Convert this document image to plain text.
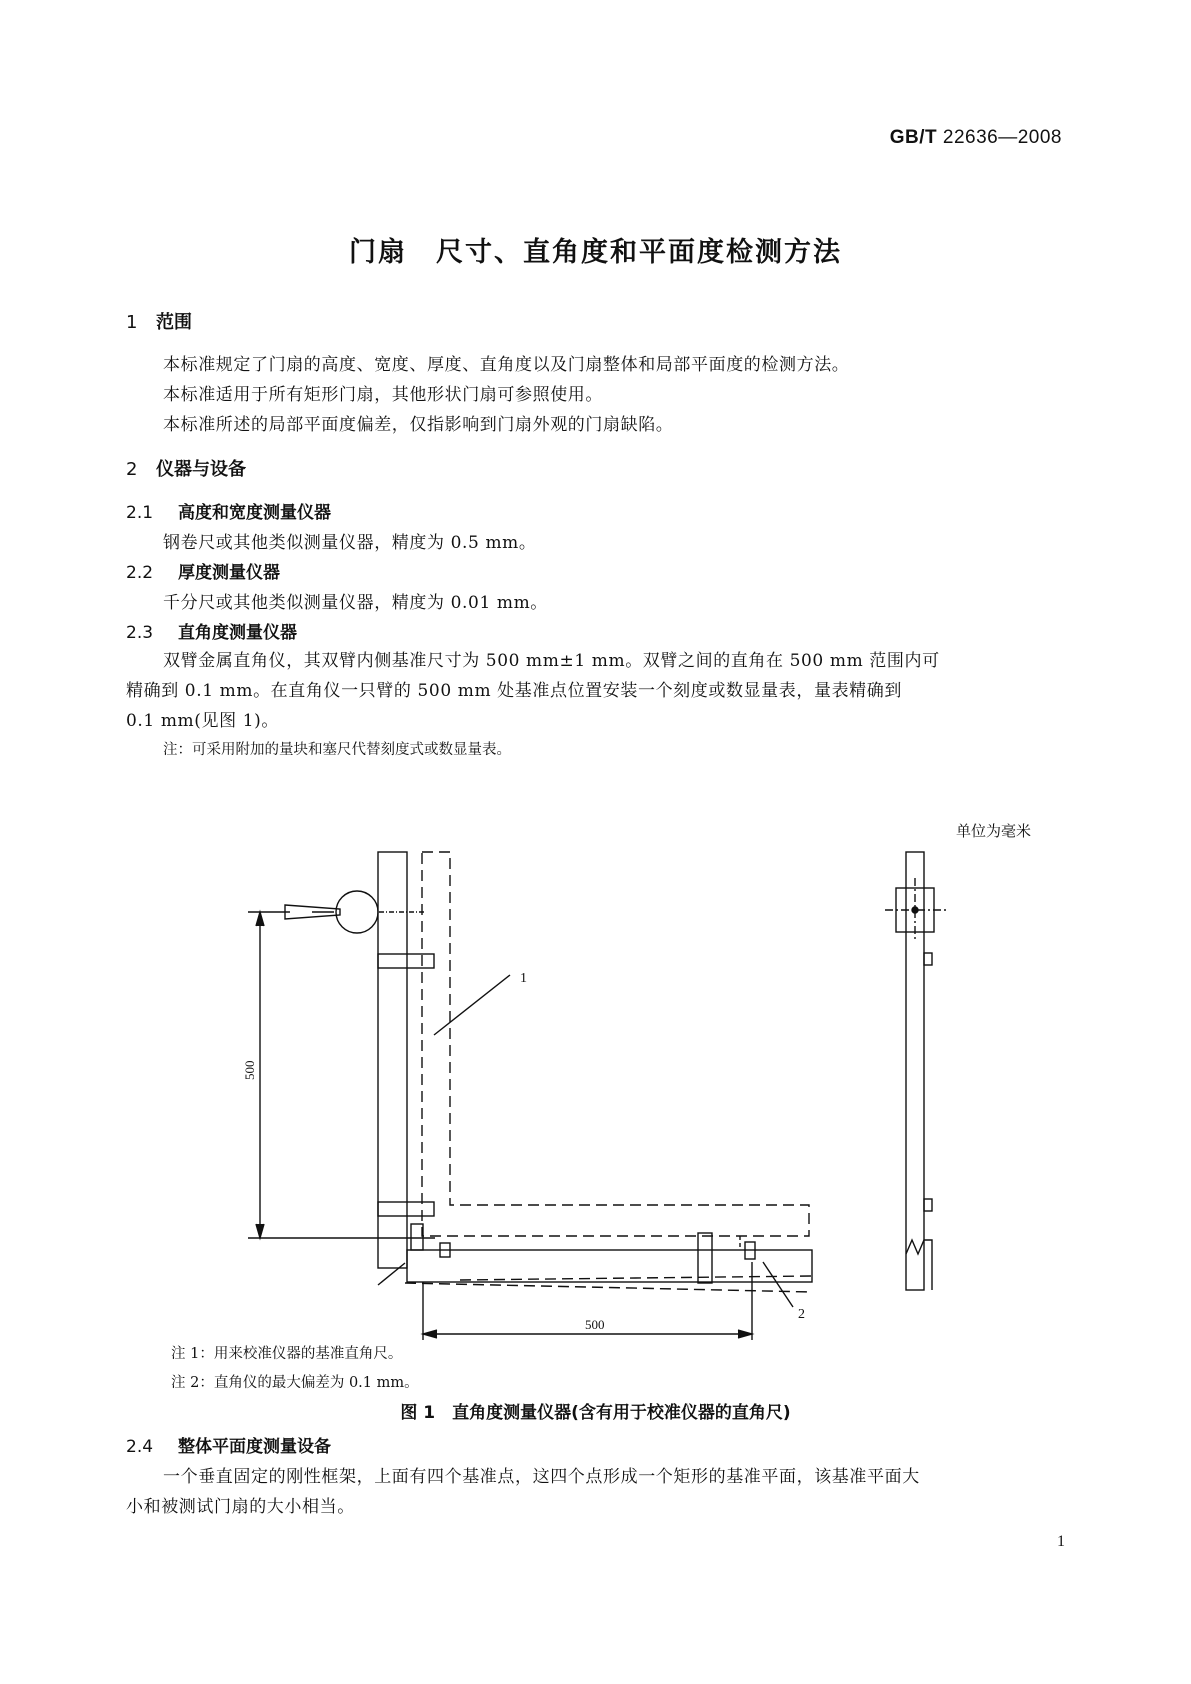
GB/T 22636—2008
门扇　尺寸、直角度和平面度检测方法
1 范围
本标准规定了门扇的高度、宽度、厚度、直角度以及门扇整体和局部平面度的检测方法。
本标准适用于所有矩形门扇，其他形状门扇可参照使用。
本标准所述的局部平面度偏差，仅指影响到门扇外观的门扇缺陷。
2 仪器与设备
2.1 高度和宽度测量仪器
钢卷尺或其他类似测量仪器，精度为 0.5 mm。
2.2 厚度测量仪器
千分尺或其他类似测量仪器，精度为 0.01 mm。
2.3 直角度测量仪器
双臂金属直角仪，其双臂内侧基准尺寸为 500 mm±1 mm。双臂之间的直角在 500 mm 范围内可
精确到 0.1 mm。在直角仪一只臂的 500 mm 处基准点位置安装一个刻度或数显量表，量表精确到
0.1 mm(见图 1)。
注：可采用附加的量块和塞尺代替刻度式或数显量表。
单位为毫米
1
2
500
500
注 1：用来校准仪器的基准直角尺。
注 2：直角仪的最大偏差为 0.1 mm。
图 1　直角度测量仪器(含有用于校准仪器的直角尺)
2.4 整体平面度测量设备
一个垂直固定的刚性框架，上面有四个基准点，这四个点形成一个矩形的基准平面，该基准平面大
小和被测试门扇的大小相当。
1
